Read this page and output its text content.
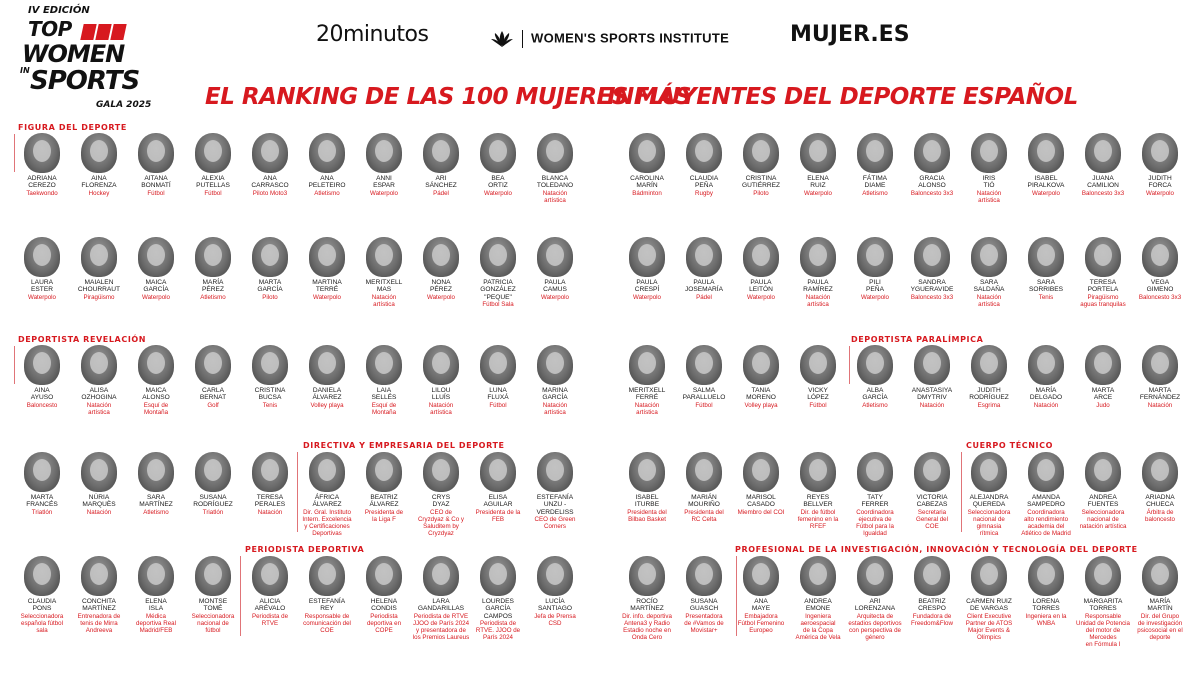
IV EDICIÓN
TOP
WOMEN
IN SPORTS
GALA 2025
20minutos	WOMEN'S SPORTS INSTITUTE	MUJER.ES
EL RANKING DE LAS 100 MUJERES MÁS
INFLUYENTES DEL DEPORTE ESPAÑOL
FIGURA DEL DEPORTE
DEPORTISTA REVELACIÓN	DEPORTISTA PARALÍMPICA
DIRECTIVA Y EMPRESARIA DEL DEPORTE	CUERPO TÉCNICO
PERIODISTA DEPORTIVA	PROFESIONAL DE LA INVESTIGACIÓN, INNOVACIÓN Y TECNOLOGÍA DEL DEPORTE
ADRIANA
CEREZO
Taekwondo
AINA
FLORENZA
Hockey
AITANA
BONMATÍ
Fútbol
ALEXIA
PUTELLAS
Fútbol
ANA
CARRASCO
Piloto Moto3
ANA
PELETEIRO
Atletismo
ANNI
ESPAR
Waterpolo
ARI
SÁNCHEZ
Pádel
BEA
ORTIZ
Waterpolo
BLANCA
TOLEDANO
Natación
artística
CAROLINA
MARÍN
Bádminton
CLAUDIA
PEÑA
Rugby
CRISTINA
GUTIÉRREZ
Piloto
ELENA
RUIZ
Waterpolo
FÁTIMA
DIAME
Atletismo
GRACIA
ALONSO
Baloncesto 3x3
IRIS
TIÓ
Natación
artística
ISABEL
PIRALKOVA
Waterpolo
JUANA
CAMILION
Baloncesto 3x3
JUDITH
FORCA
Waterpolo
LAURA
ESTER
Waterpolo
MAIALEN
CHOURRAUT
Piragüismo
MAICA
GARCÍA
Waterpolo
MARÍA
PÉREZ
Atletismo
MARTA
GARCÍA
Piloto
MARTINA
TERRÉ
Waterpolo
MERITXELL
MAS
Natación
artística
NONA
PÉREZ
Waterpolo
PATRICIA
GONZÁLEZ
"PEQUE"
Fútbol Sala
PAULA
CAMUS
Waterpolo
PAULA
CRESPÍ
Waterpolo
PAULA
JOSEMARÍA
Pádel
PAULA
LEITÓN
Waterpolo
PAULA
RAMÍREZ
Natación
artística
PILI
PEÑA
Waterpolo
SANDRA
YGUERAVIDE
Baloncesto 3x3
SARA
SALDAÑA
Natación
artística
SARA
SORRIBES
Tenis
TERESA
PORTELA
Piragüismo
aguas tranquilas
VEGA
GIMENO
Baloncesto 3x3
AINA
AYUSO
Baloncesto
ALISA
OZHOGINA
Natación
artística
MAICA
ALONSO
Esquí de
Montaña
CARLA
BERNAT
Golf
CRISTINA
BUCSA
Tenis
DANIELA
ÁLVAREZ
Volley playa
LAIA
SELLÉS
Esquí de
Montaña
LILOU
LLUÍS
Natación
artística
LUNA
FLUXÁ
Fútbol
MARINA
GARCÍA
Natación
artística
MERITXELL
FERRÉ
Natación
artística
SALMA
PARALLUELO
Fútbol
TANIA
MORENO
Volley playa
VICKY
LÓPEZ
Fútbol
ALBA
GARCÍA
Atletismo
ANASTASIYA
DMYTRIV
Natación
JUDITH
RODRÍGUEZ
Esgrima
MARÍA
DELGADO
Natación
MARTA
ARCE
Judo
MARTA
FERNÁNDEZ
Natación
MARTA
FRANCÉS
Triatlón
NÚRIA
MARQUÈS
Natación
SARA
MARTÍNEZ
Atletismo
SUSANA
RODRÍGUEZ
Triatlón
TERESA
PERALES
Natación
ÁFRICA
ÁLVAREZ
Dir. Gral. Instituto
Intern. Excelencia
y Certificaciones
Deportivas
BEATRIZ
ÁLVAREZ
Presidenta de
la Liga F
CRYS
DYAZ
CEO de
Cryzdyaz & Co y
Saluditem by
Cryzdyaz
ELISA
AGUILAR
Presidenta de la
FEB
ESTEFANÍA
UNZU -
VERDELISS
CEO de Green
Corners
ISABEL
ITURBE
Presidenta del
Bilbao Basket
MARIÁN
MOURIÑO
Presidenta del
RC Celta
MARISOL
CASADO
Miembro del COI
REYES
BELLVER
Dir. de fútbol
femenino en la
RFEF
TATY
FERRER
Coordinadora
ejecutiva de
Fútbol para la
Igualdad
VICTORIA
CABEZAS
Secretaria
General del
COE
ALEJANDRA
QUEREDA
Seleccionadora
nacional de
gimnasia
rítmica
AMANDA
SAMPEDRO
Coordinadora
alto rendimiento
academia del
Atlético de Madrid
ANDREA
FUENTES
Seleccionadora
nacional de
natación artística
ARIADNA
CHUECA
Árbitra de
baloncesto
CLAUDIA
PONS
Seleccionadora
española fútbol
sala
CONCHITA
MARTÍNEZ
Entrenadora de
tenis de Mirra
Andreeva
ELENA
ISLA
Médica
deportiva Real
Madrid/FEB
MONTSE
TOMÉ
Seleccionadora
nacional de
fútbol
ALICIA
ARÉVALO
Periodista de
RTVE
ESTEFANÍA
REY
Responsable de
comunicación del
COE
HELENA
CONDIS
Periodista
deportiva en
COPE
LARA
GANDARILLAS
Periodista de RTVE
JJOO de París 2024
y presentadora de
los Premios Laureus
LOURDES
GARCÍA
CAMPOS
Periodista de
RTVE. JJOO de
París 2024
LUCÍA
SANTIAGO
Jefa de Prensa
CSD
ROCÍO
MARTÍNEZ
Dir. info. deportiva
Antena3 y Radio
Estadio noche en
Onda Cero
SUSANA
GUASCH
Presentadora
de #Vamos de
Movistar+
ANA
MAYE
Embajadora
Fútbol Femenino
Europeo
ANDREA
EMONE
Ingeniera
aeroespacial
de la Copa
América de Vela
ARI
LORENZANA
Arquitecta de
estadios deportivos
con perspectiva de
género
BEATRIZ
CRESPO
Fundadora de
Freedom&Flow
CARMEN RUIZ
DE VARGAS
Client Executive
Partner de ATOS
Major Events &
Olímpics
LORENA
TORRES
Ingeniera en la
WNBA
MARGARITA
TORRES
Responsable
Unidad de Potencia
del motor de Mercedes
en Fórmula I
MARÍA
MARTÍN
Dir. del Grupo
de investigación
psicosocial en el
deporte
